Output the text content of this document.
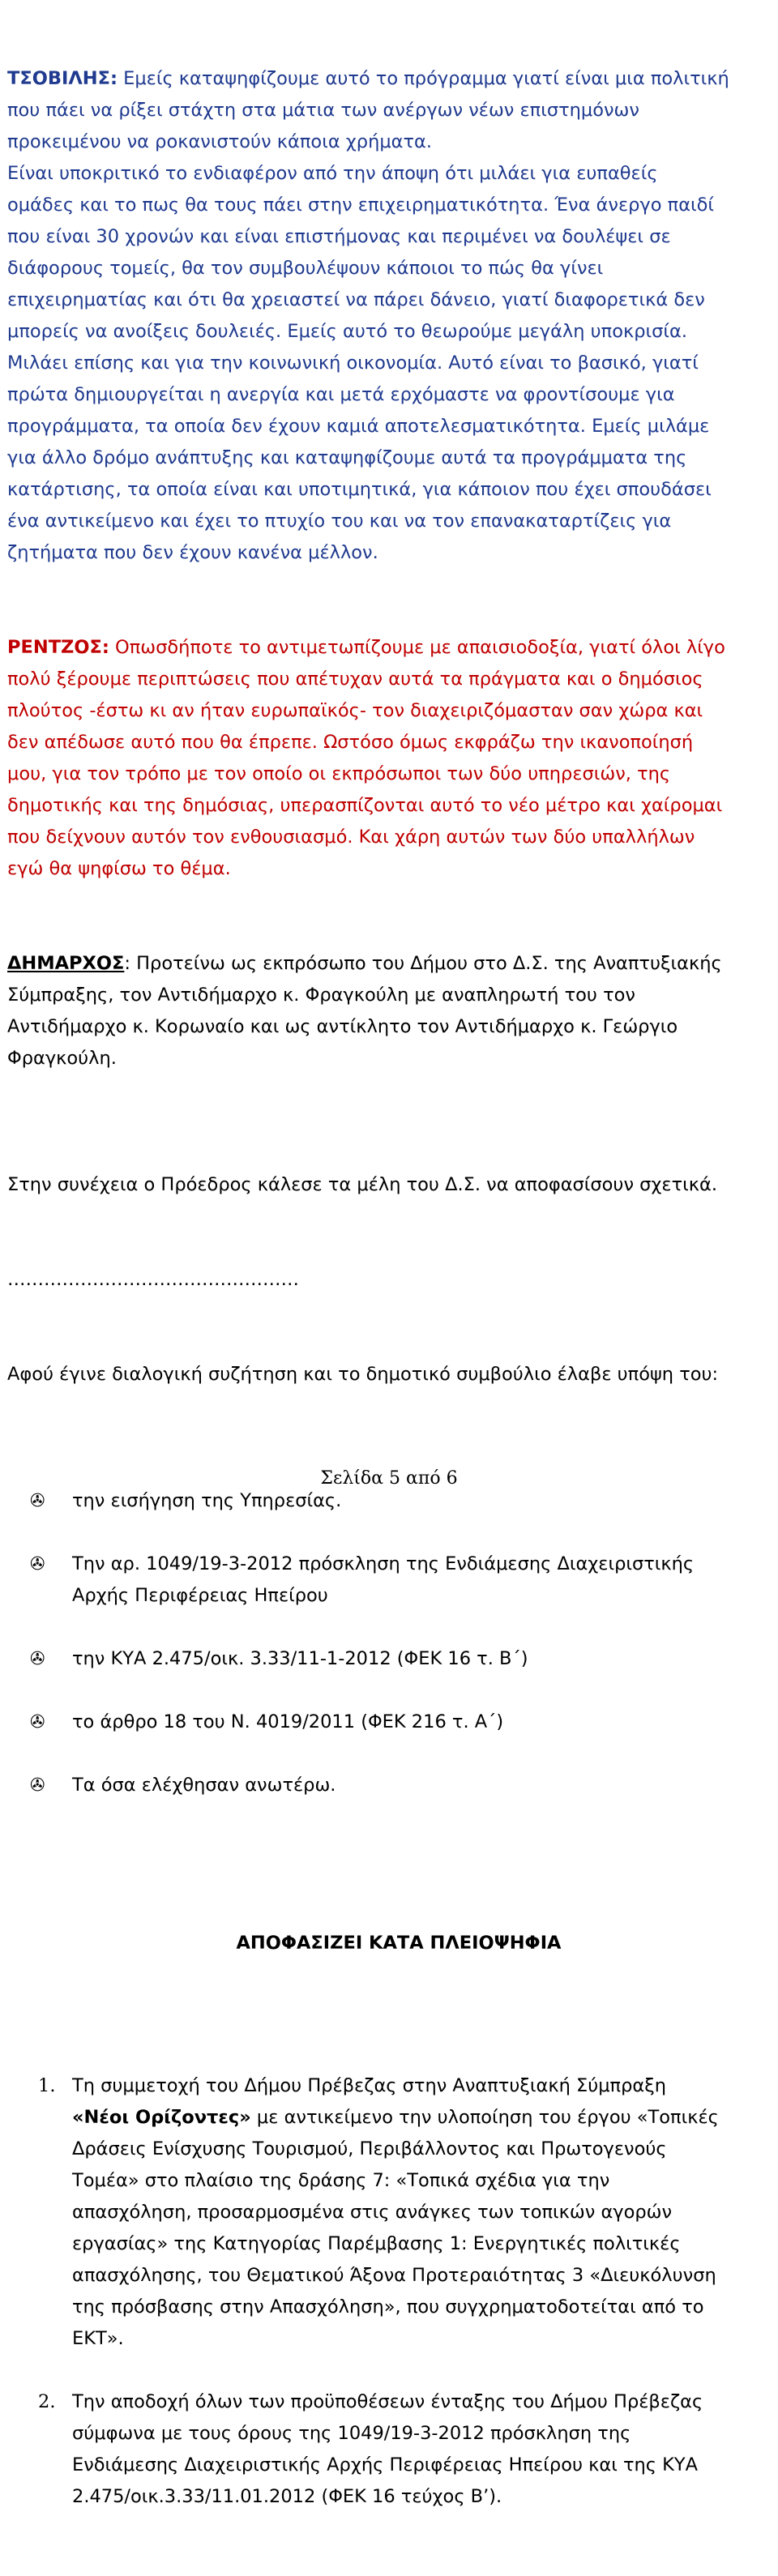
ΤΣΟΒΙΛΗΣ: Εμείς καταψηφίζουμε αυτό το πρόγραμμα γιατί είναι μια πολιτική
που πάει να ρίξει στάχτη στα μάτια των ανέργων νέων επιστημόνων
προκειμένου να ροκανιστούν κάποια χρήματα.
Είναι υποκριτικό το ενδιαφέρον από την άποψη ότι μιλάει για ευπαθείς
ομάδες και το πως θα τους πάει στην επιχειρηματικότητα. Ένα άνεργο παιδί
που είναι 30 χρονών και είναι επιστήμονας και περιμένει να δουλέψει σε
διάφορους τομείς, θα τον συμβουλέψουν κάποιοι το πώς θα γίνει
επιχειρηματίας και ότι θα χρειαστεί να πάρει δάνειο, γιατί διαφορετικά δεν
μπορείς να ανοίξεις δουλειές. Εμείς αυτό το θεωρούμε μεγάλη υποκρισία.
Μιλάει επίσης και για την κοινωνική οικονομία. Αυτό είναι το βασικό, γιατί
πρώτα δημιουργείται η ανεργία και μετά ερχόμαστε να φροντίσουμε για
προγράμματα, τα οποία δεν έχουν καμιά αποτελεσματικότητα. Εμείς μιλάμε
για άλλο δρόμο ανάπτυξης και καταψηφίζουμε αυτά τα προγράμματα της
κατάρτισης, τα οποία είναι και υποτιμητικά, για κάποιον που έχει σπουδάσει
ένα αντικείμενο και έχει το πτυχίο του και να τον επανακαταρτίζεις για
ζητήματα που δεν έχουν κανένα μέλλον.

ΡΕΝΤΖΟΣ: Οπωσδήποτε το αντιμετωπίζουμε με απαισιοδοξία, γιατί όλοι λίγο
πολύ ξέρουμε περιπτώσεις που απέτυχαν αυτά τα πράγματα και ο δημόσιος
πλούτος -έστω κι αν ήταν ευρωπαϊκός- τον διαχειριζόμασταν σαν χώρα και
δεν απέδωσε αυτό που θα έπρεπε. Ωστόσο όμως εκφράζω την ικανοποίησή
μου, για τον τρόπο με τον οποίο οι εκπρόσωποι των δύο υπηρεσιών, της
δημοτικής και της δημόσιας, υπερασπίζονται αυτό το νέο μέτρο και χαίρομαι
που δείχνουν αυτόν τον ενθουσιασμό. Και χάρη αυτών των δύο υπαλλήλων
εγώ θα ψηφίσω το θέμα.

ΔΗΜΑΡΧΟΣ: Προτείνω ως εκπρόσωπο του Δήμου στο Δ.Σ. της Αναπτυξιακής
Σύμπραξης, τον Αντιδήμαρχο κ. Φραγκούλη με αναπληρωτή του τον
Αντιδήμαρχο κ. Κορωναίο και ως αντίκλητο τον Αντιδήμαρχο κ. Γεώργιο
Φραγκούλη.

Στην συνέχεια ο Πρόεδρος κάλεσε τα μέλη του Δ.Σ. να αποφασίσουν σχετικά.

…………………………………………

Αφού έγινε διαλογική συζήτηση και το δημοτικό συμβούλιο έλαβε υπόψη του:

✇ την εισήγηση της Υπηρεσίας.

✇ Την αρ. 1049/19-3-2012 πρόσκληση της Ενδιάμεσης Διαχειριστικής
Αρχής Περιφέρειας Ηπείρου

✇ την ΚΥΑ 2.475/οικ. 3.33/11-1-2012 (ΦΕΚ 16 τ. Β΄)

✇ το άρθρο 18 του Ν. 4019/2011 (ΦΕΚ 216 τ. Α΄)

✇ Τα όσα ελέχθησαν ανωτέρω.

ΑΠΟΦΑΣΙΖΕΙ ΚΑΤΑ ΠΛΕΙΟΨΗΦΙΑ

1. Τη συμμετοχή του Δήμου Πρέβεζας στην Αναπτυξιακή Σύμπραξη
«Νέοι Ορίζοντες» με αντικείμενο την υλοποίηση του έργου «Τοπικές
Δράσεις Ενίσχυσης Τουρισμού, Περιβάλλοντος και Πρωτογενούς
Τομέα» στο πλαίσιο της δράσης 7: «Τοπικά σχέδια για την
απασχόληση, προσαρμοσμένα στις ανάγκες των τοπικών αγορών
εργασίας» της Κατηγορίας Παρέμβασης 1: Ενεργητικές πολιτικές
απασχόλησης, του Θεματικού Άξονα Προτεραιότητας 3 «Διευκόλυνση
της πρόσβασης στην Απασχόληση», που συγχρηματοδοτείται από το
ΕΚΤ».

2. Την αποδοχή όλων των προϋποθέσεων ένταξης του Δήμου Πρέβεζας
σύμφωνα με τους όρους της 1049/19-3-2012 πρόσκληση της
Ενδιάμεσης Διαχειριστικής Αρχής Περιφέρειας Ηπείρου και της ΚΥΑ
2.475/οικ.3.33/11.01.2012 (ΦΕΚ 16 τεύχος Β’).

Σελίδα 5 από 6
